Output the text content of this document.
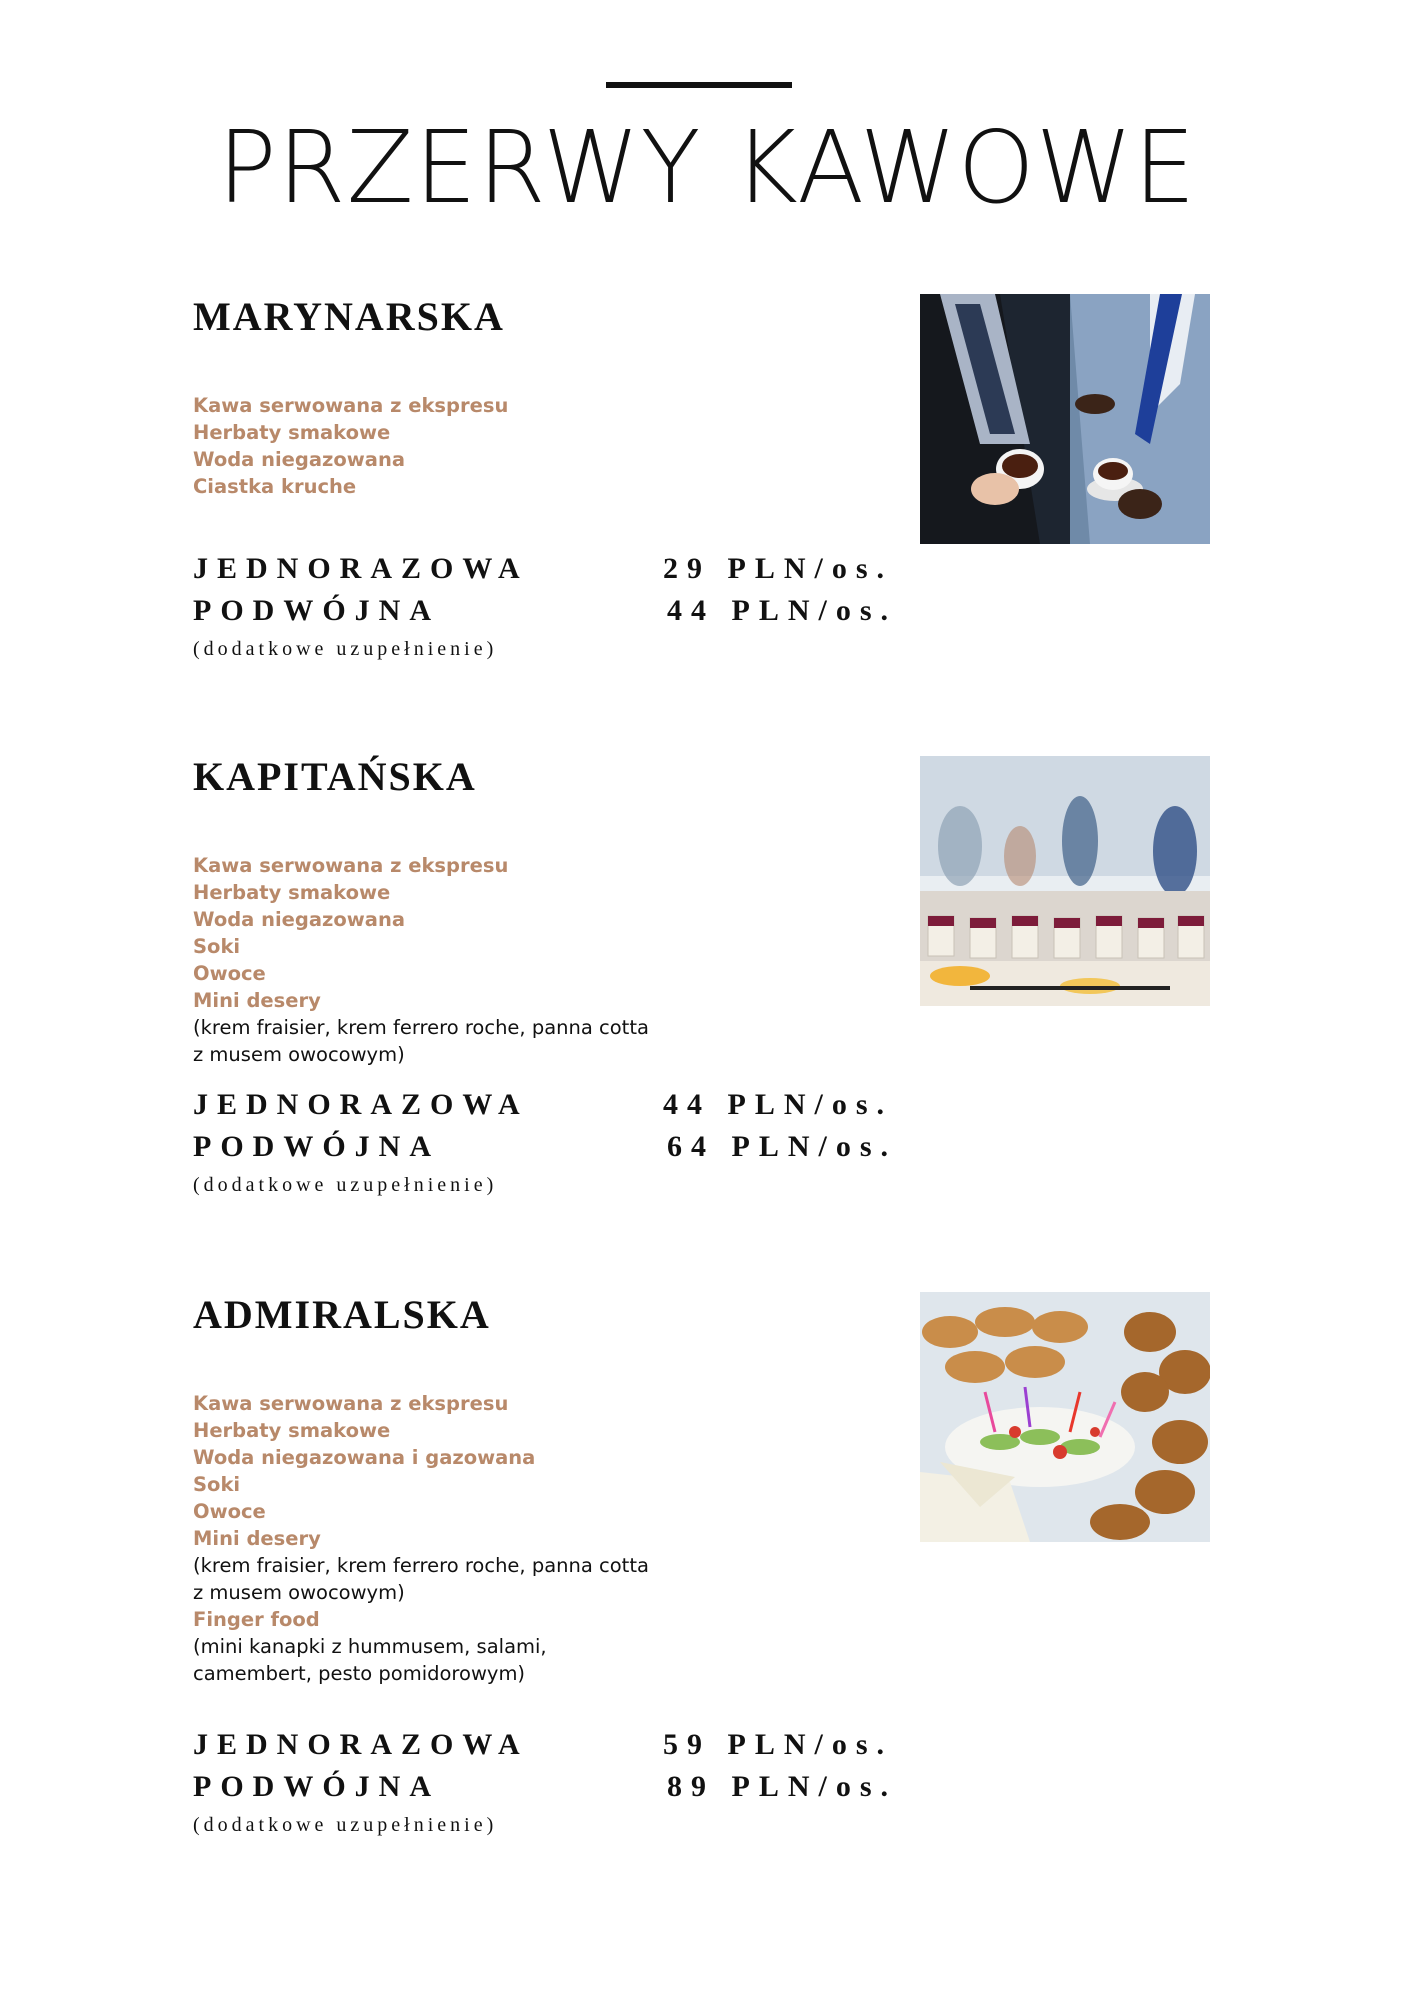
PRZERWY KAWOWE
MARYNARSKA
Kawa serwowana z ekspresu
Herbaty smakowe
Woda niegazowana
Ciastka kruche
JEDNORAZOWA	29 PLN/os.
PODWÓJNA	44 PLN/os.
(dodatkowe uzupełnienie)
KAPITAŃSKA
Kawa serwowana z ekspresu
Herbaty smakowe
Woda niegazowana
Soki
Owoce
Mini desery
(krem fraisier, krem ferrero roche, panna cotta
z musem owocowym)
JEDNORAZOWA	44 PLN/os.
PODWÓJNA	64 PLN/os.
(dodatkowe uzupełnienie)
ADMIRALSKA
Kawa serwowana z ekspresu
Herbaty smakowe
Woda niegazowana i gazowana
Soki
Owoce
Mini desery
(krem fraisier, krem ferrero roche, panna cotta
z musem owocowym)
Finger food
(mini kanapki z hummusem, salami,
camembert, pesto pomidorowym)
JEDNORAZOWA	59 PLN/os.
PODWÓJNA	89 PLN/os.
(dodatkowe uzupełnienie)
